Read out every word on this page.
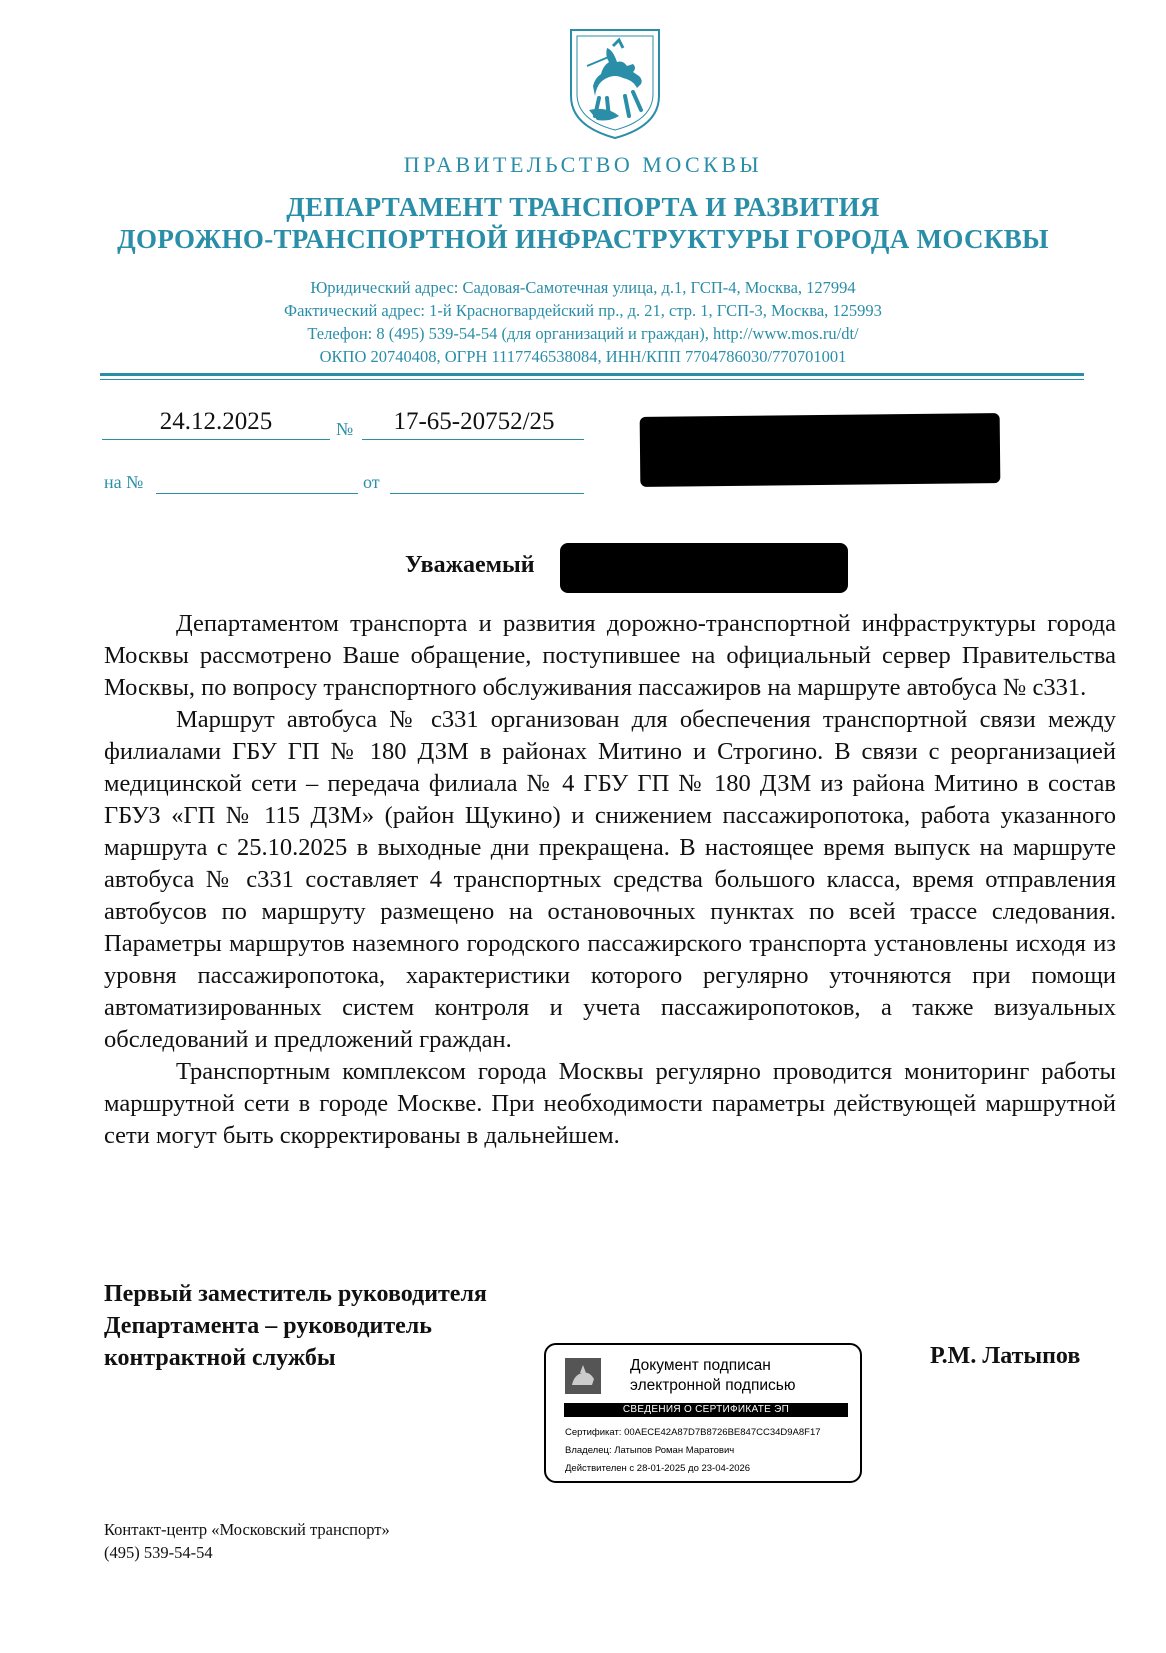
ПРАВИТЕЛЬСТВО МОСКВЫ
ДЕПАРТАМЕНТ ТРАНСПОРТА И РАЗВИТИЯ
ДОРОЖНО-ТРАНСПОРТНОЙ ИНФРАСТРУКТУРЫ ГОРОДА МОСКВЫ
Юридический адрес: Садовая-Самотечная улица, д.1, ГСП-4, Москва, 127994
Фактический адрес: 1-й Красногвардейский пр., д. 21, стр. 1, ГСП-3, Москва, 125993
Телефон: 8 (495) 539-54-54 (для организаций и граждан), http://www.mos.ru/dt/
ОКПО 20740408, ОГРН 1117746538084, ИНН/КПП 7704786030/770701001
24.12.2025	№	17-65-20752/25
на №	от
Уважаемый

Департаментом транспорта и развития дорожно-транспортной инфраструктуры города Москвы рассмотрено Ваше обращение, поступившее на официальный сервер Правительства Москвы, по вопросу транспортного обслуживания пассажиров на маршруте автобуса № с331.

Маршрут автобуса № с331 организован для обеспечения транспортной связи между филиалами ГБУ ГП № 180 ДЗМ в районах Митино и Строгино. В связи с реорганизацией медицинской сети – передача филиала № 4 ГБУ ГП № 180 ДЗМ из района Митино в состав ГБУЗ «ГП № 115 ДЗМ» (район Щукино) и снижением пассажиропотока, работа указанного маршрута с 25.10.2025 в выходные дни прекращена. В настоящее время выпуск на маршруте автобуса № с331 составляет 4 транспортных средства большого класса, время отправления автобусов по маршруту размещено на остановочных пунктах по всей трассе следования. Параметры маршрутов наземного городского пассажирского транспорта установлены исходя из уровня пассажиропотока, характеристики которого регулярно уточняются при помощи автоматизированных систем контроля и учета пассажиропотоков, а также визуальных обследований и предложений граждан.

Транспортным комплексом города Москвы регулярно проводится мониторинг работы маршрутной сети в городе Москве. При необходимости параметры действующей маршрутной сети могут быть скорректированы в дальнейшем.

Первый заместитель руководителя
Департамента – руководитель
контрактной службы	Документ подписан
электронной подписью
СВЕДЕНИЯ О СЕРТИФИКАТЕ ЭП
Сертификат: 00AECE42A87D7B8726BE847CC34D9A8F17
Владелец: Латыпов Роман Маратович
Действителен с 28-01-2025 до 23-04-2026
Р.М. Латыпов
Контакт-центр «Московский транспорт»
(495) 539-54-54
